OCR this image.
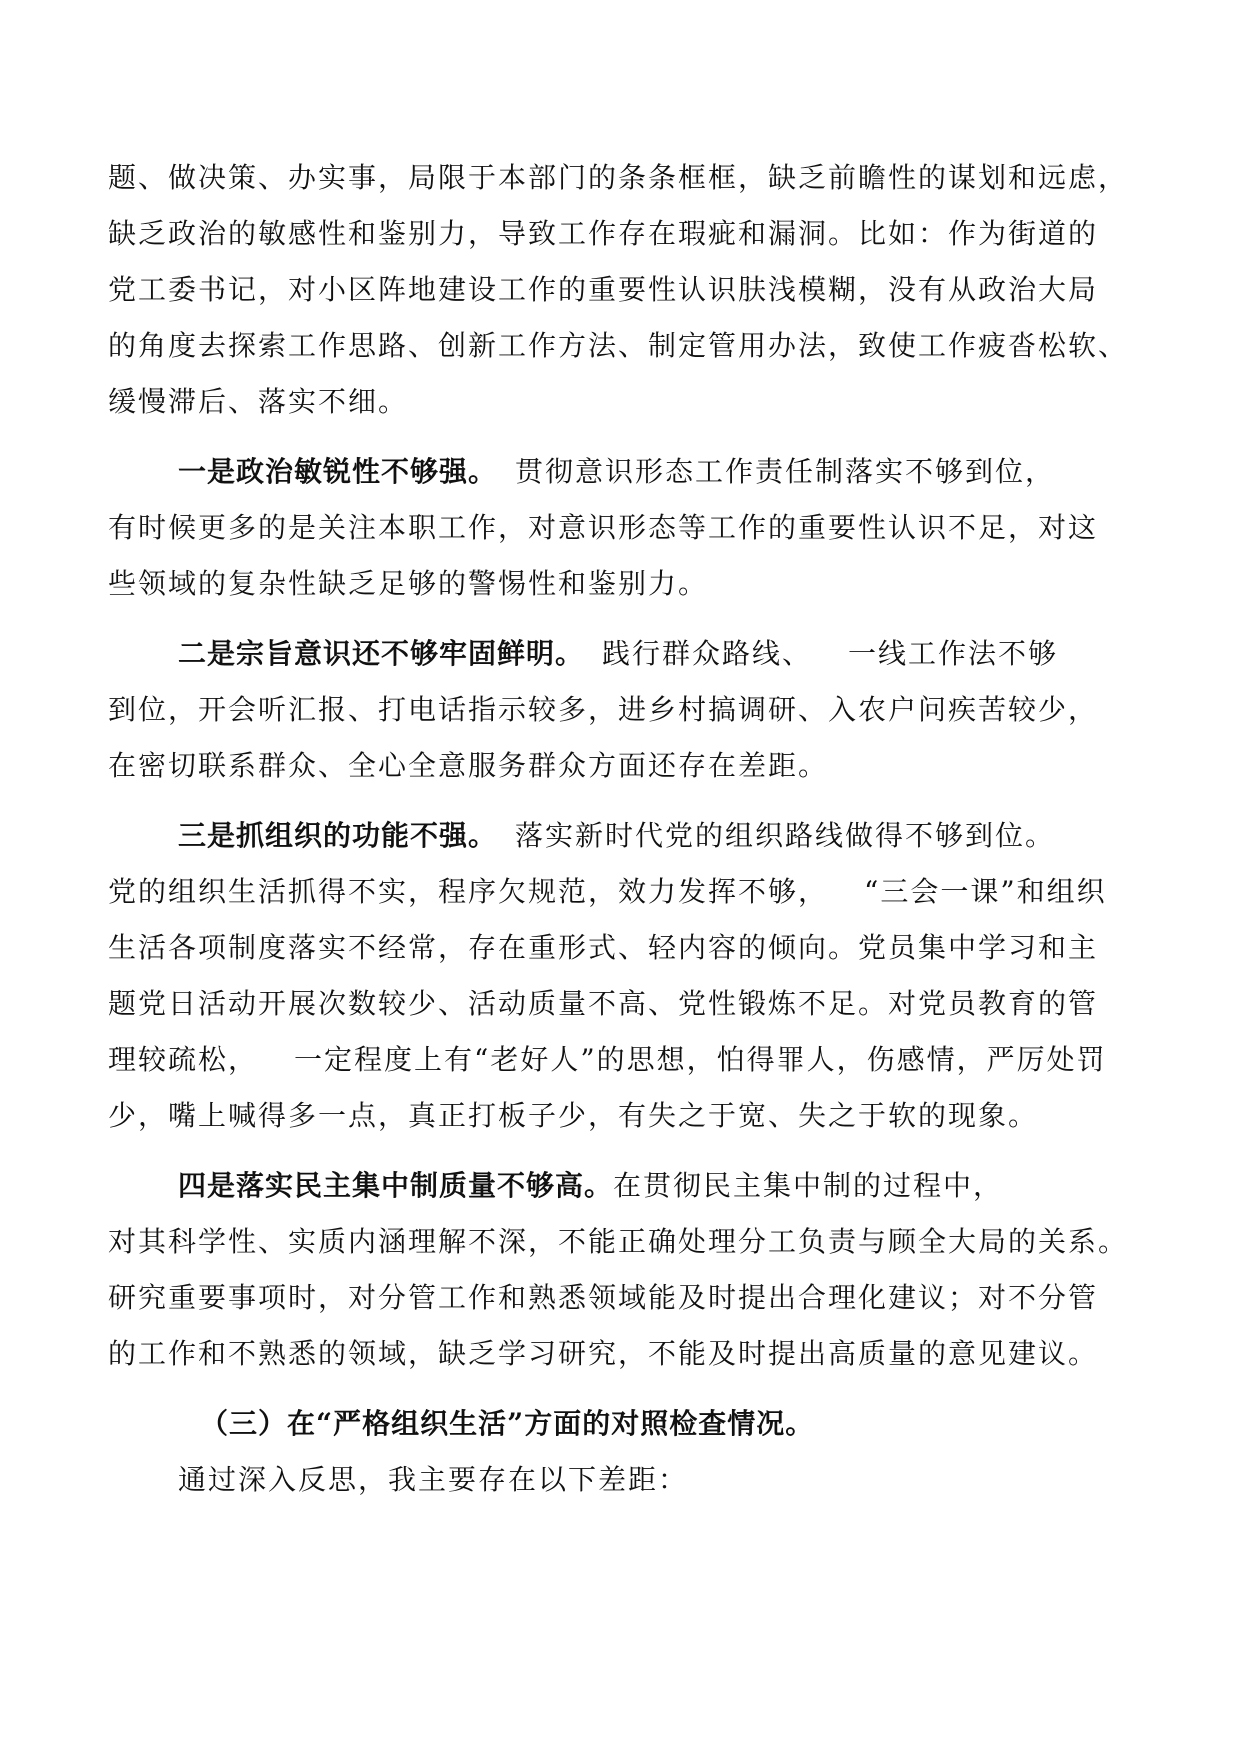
题、做决策、办实事，局限于本部门的条条框框，缺乏前瞻性的谋划和远虑，
缺乏政治的敏感性和鉴别力，导致工作存在瑕疵和漏洞。比如：作为街道的
党工委书记，对小区阵地建设工作的重要性认识肤浅模糊，没有从政治大局
的角度去探索工作思路、创新工作方法、制定管用办法，致使工作疲沓松软、
缓慢滞后、落实不细。
一是政治敏锐性不够强。 贯彻意识形态工作责任制落实不够到位，
有时候更多的是关注本职工作，对意识形态等工作的重要性认识不足，对这
些领域的复杂性缺乏足够的警惕性和鉴别力。
二是宗旨意识还不够牢固鲜明。 践行群众路线、 一线工作法不够
到位，开会听汇报、打电话指示较多，进乡村搞调研、入农户问疾苦较少，
在密切联系群众、全心全意服务群众方面还存在差距。
三是抓组织的功能不强。 落实新时代党的组织路线做得不够到位。
党的组织生活抓得不实，程序欠规范，效力发挥不够， “三会一课”和组织
生活各项制度落实不经常，存在重形式、轻内容的倾向。党员集中学习和主
题党日活动开展次数较少、活动质量不高、党性锻炼不足。对党员教育的管
理较疏松， 一定程度上有“老好人”的思想，怕得罪人，伤感情，严厉处罚
少，嘴上喊得多一点，真正打板子少，有失之于宽、失之于软的现象。
四是落实民主集中制质量不够高。在贯彻民主集中制的过程中，
对其科学性、实质内涵理解不深，不能正确处理分工负责与顾全大局的关系。
研究重要事项时，对分管工作和熟悉领域能及时提出合理化建议；对不分管
的工作和不熟悉的领域，缺乏学习研究，不能及时提出高质量的意见建议。
（三）在“严格组织生活”方面的对照检查情况。
通过深入反思，我主要存在以下差距：
